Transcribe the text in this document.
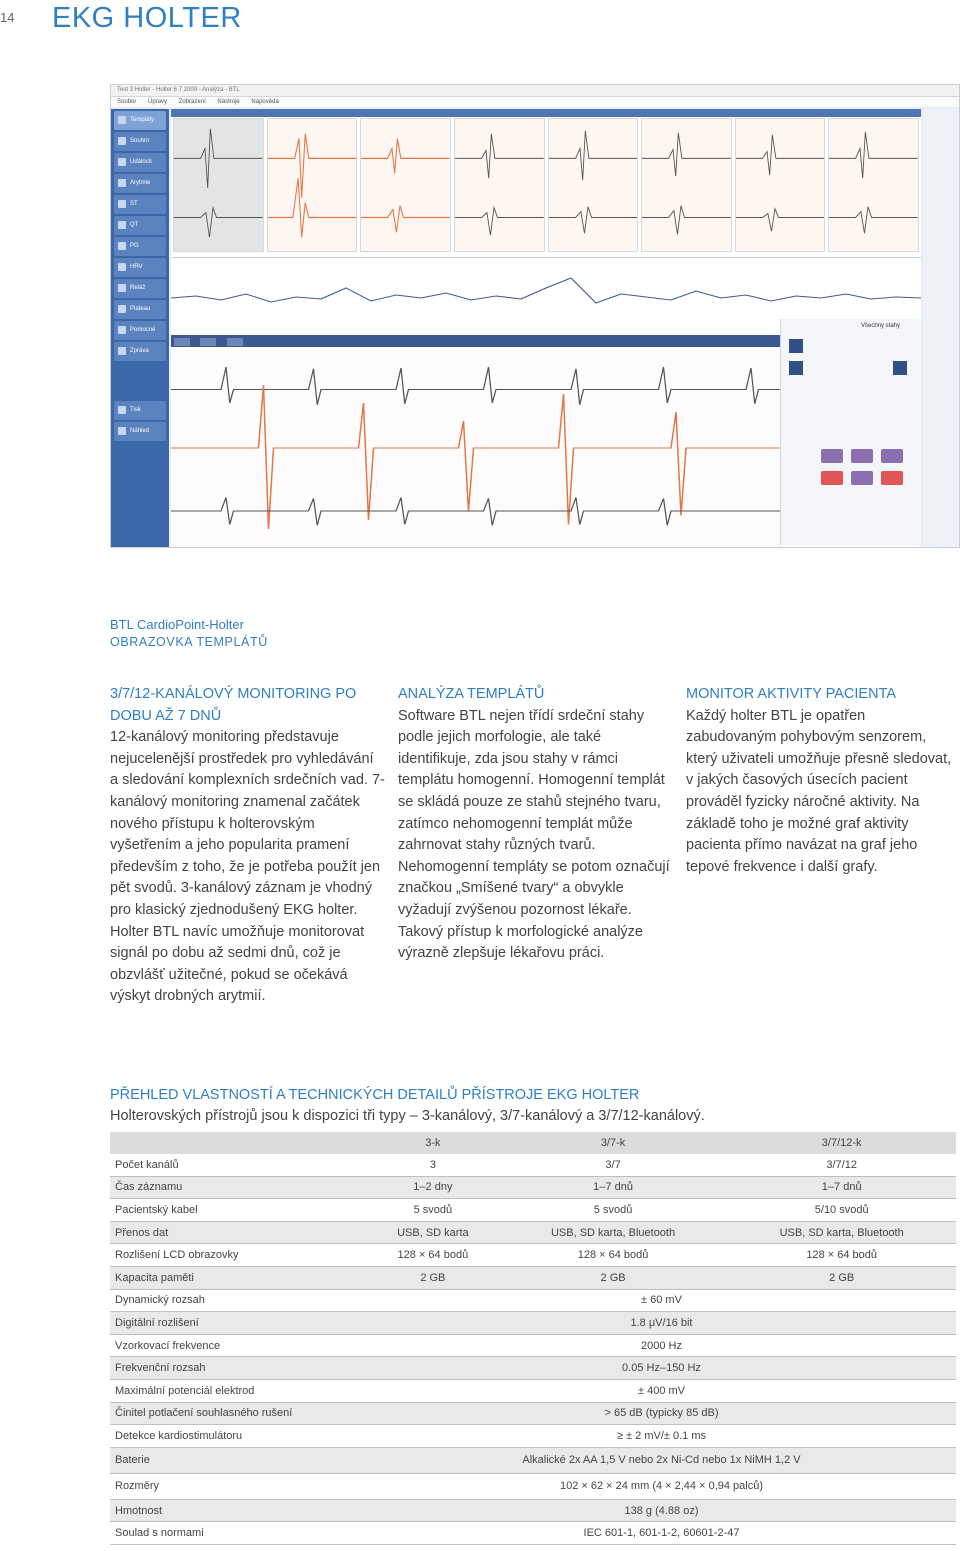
14	EKG HOLTER
Test 3 Holter - Holter 6 7 2009 - Analýza - BTL
Soubor Úpravy Zobrazení Nástroje Nápověda
Templáty
Souhrn
Události
Arytmie
ST
QT
PG
HRV
Reláž
Plateau
Pomocné
Zpráva
Tisk
Náhled

Všechny stahy
BTL CardioPoint-Holter
OBRAZOVKA TEMPLÁTŮ
3/7/12-KANÁLOVÝ MONITORING PO DOBU AŽ 7 DNŮ

12-kanálový monitoring představuje nejucelenější prostředek pro vyhledávání a sledování komplexních srdečních vad. 7-kanálový monitoring znamenal začátek nového přístupu k holterovským vyšetřením a jeho popularita pramení především z toho, že je potřeba použít jen pět svodů. 3-kanálový záznam je vhodný pro klasický zjednodušený EKG holter. Holter BTL navíc umožňuje monitorovat signál po dobu až sedmi dnů, což je obzvlášť užitečné, pokud se očekává výskyt drobných arytmií.

ANALÝZA TEMPLÁTŮ

Software BTL nejen třídí srdeční stahy podle jejich morfologie, ale také identifikuje, zda jsou stahy v rámci templátu homogenní. Homogenní templát se skládá pouze ze stahů stejného tvaru, zatímco nehomogenní templát může zahrnovat stahy různých tvarů. Nehomogenní templáty se potom označují značkou „Smíšené tvary“ a obvykle vyžadují zvýšenou pozornost lékaře. Takový přístup k morfologické analýze výrazně zlepšuje lékařovu práci.

MONITOR AKTIVITY PACIENTA

Každý holter BTL je opatřen zabudovaným pohybovým senzorem, který uživateli umožňuje přesně sledovat, v jakých časových úsecích pacient prováděl fyzicky náročné aktivity. Na základě toho je možné graf aktivity pacienta přímo navázat na graf jeho tepové frekvence i další grafy.

PŘEHLED VLASTNOSTÍ A TECHNICKÝCH DETAILŮ PŘÍSTROJE EKG HOLTER
Holterovských přístrojů jsou k dispozici tři typy – 3-kanálový, 3/7-kanálový a 3/7/12-kanálový.
	3-k	3/7-k	3/7/12-k
Počet kanálů	3	3/7	3/7/12
Čas záznamu	1–2 dny	1–7 dnů	1–7 dnů
Pacientský kabel	5 svodů	5 svodů	5/10 svodů
Přenos dat	USB, SD karta	USB, SD karta, Bluetooth	USB, SD karta, Bluetooth
Rozlišení LCD obrazovky	128 × 64 bodů	128 × 64 bodů	128 × 64 bodů
Kapacita paměti	2 GB	2 GB	2 GB
Dynamický rozsah	± 60 mV		
Digitální rozlišení	1.8 μV/16 bit		
Vzorkovací frekvence	2000 Hz		
Frekvenční rozsah	0.05 Hz–150 Hz		
Maximální potenciál elektrod	± 400 mV		
Činitel potlačení souhlasného rušení	> 65 dB (typicky 85 dB)		
Detekce kardiostimulátoru	≥ ± 2 mV/± 0.1 ms		
Baterie	Alkalické 2x AA 1,5 V nebo 2x Ni-Cd nebo 1x NiMH 1,2 V		
Rozměry	102 × 62 × 24 mm (4 × 2,44 × 0,94 palců)		
Hmotnost	138 g (4.88 oz)		
Soulad s normami	IEC 601-1, 601-1-2, 60601-2-47		
